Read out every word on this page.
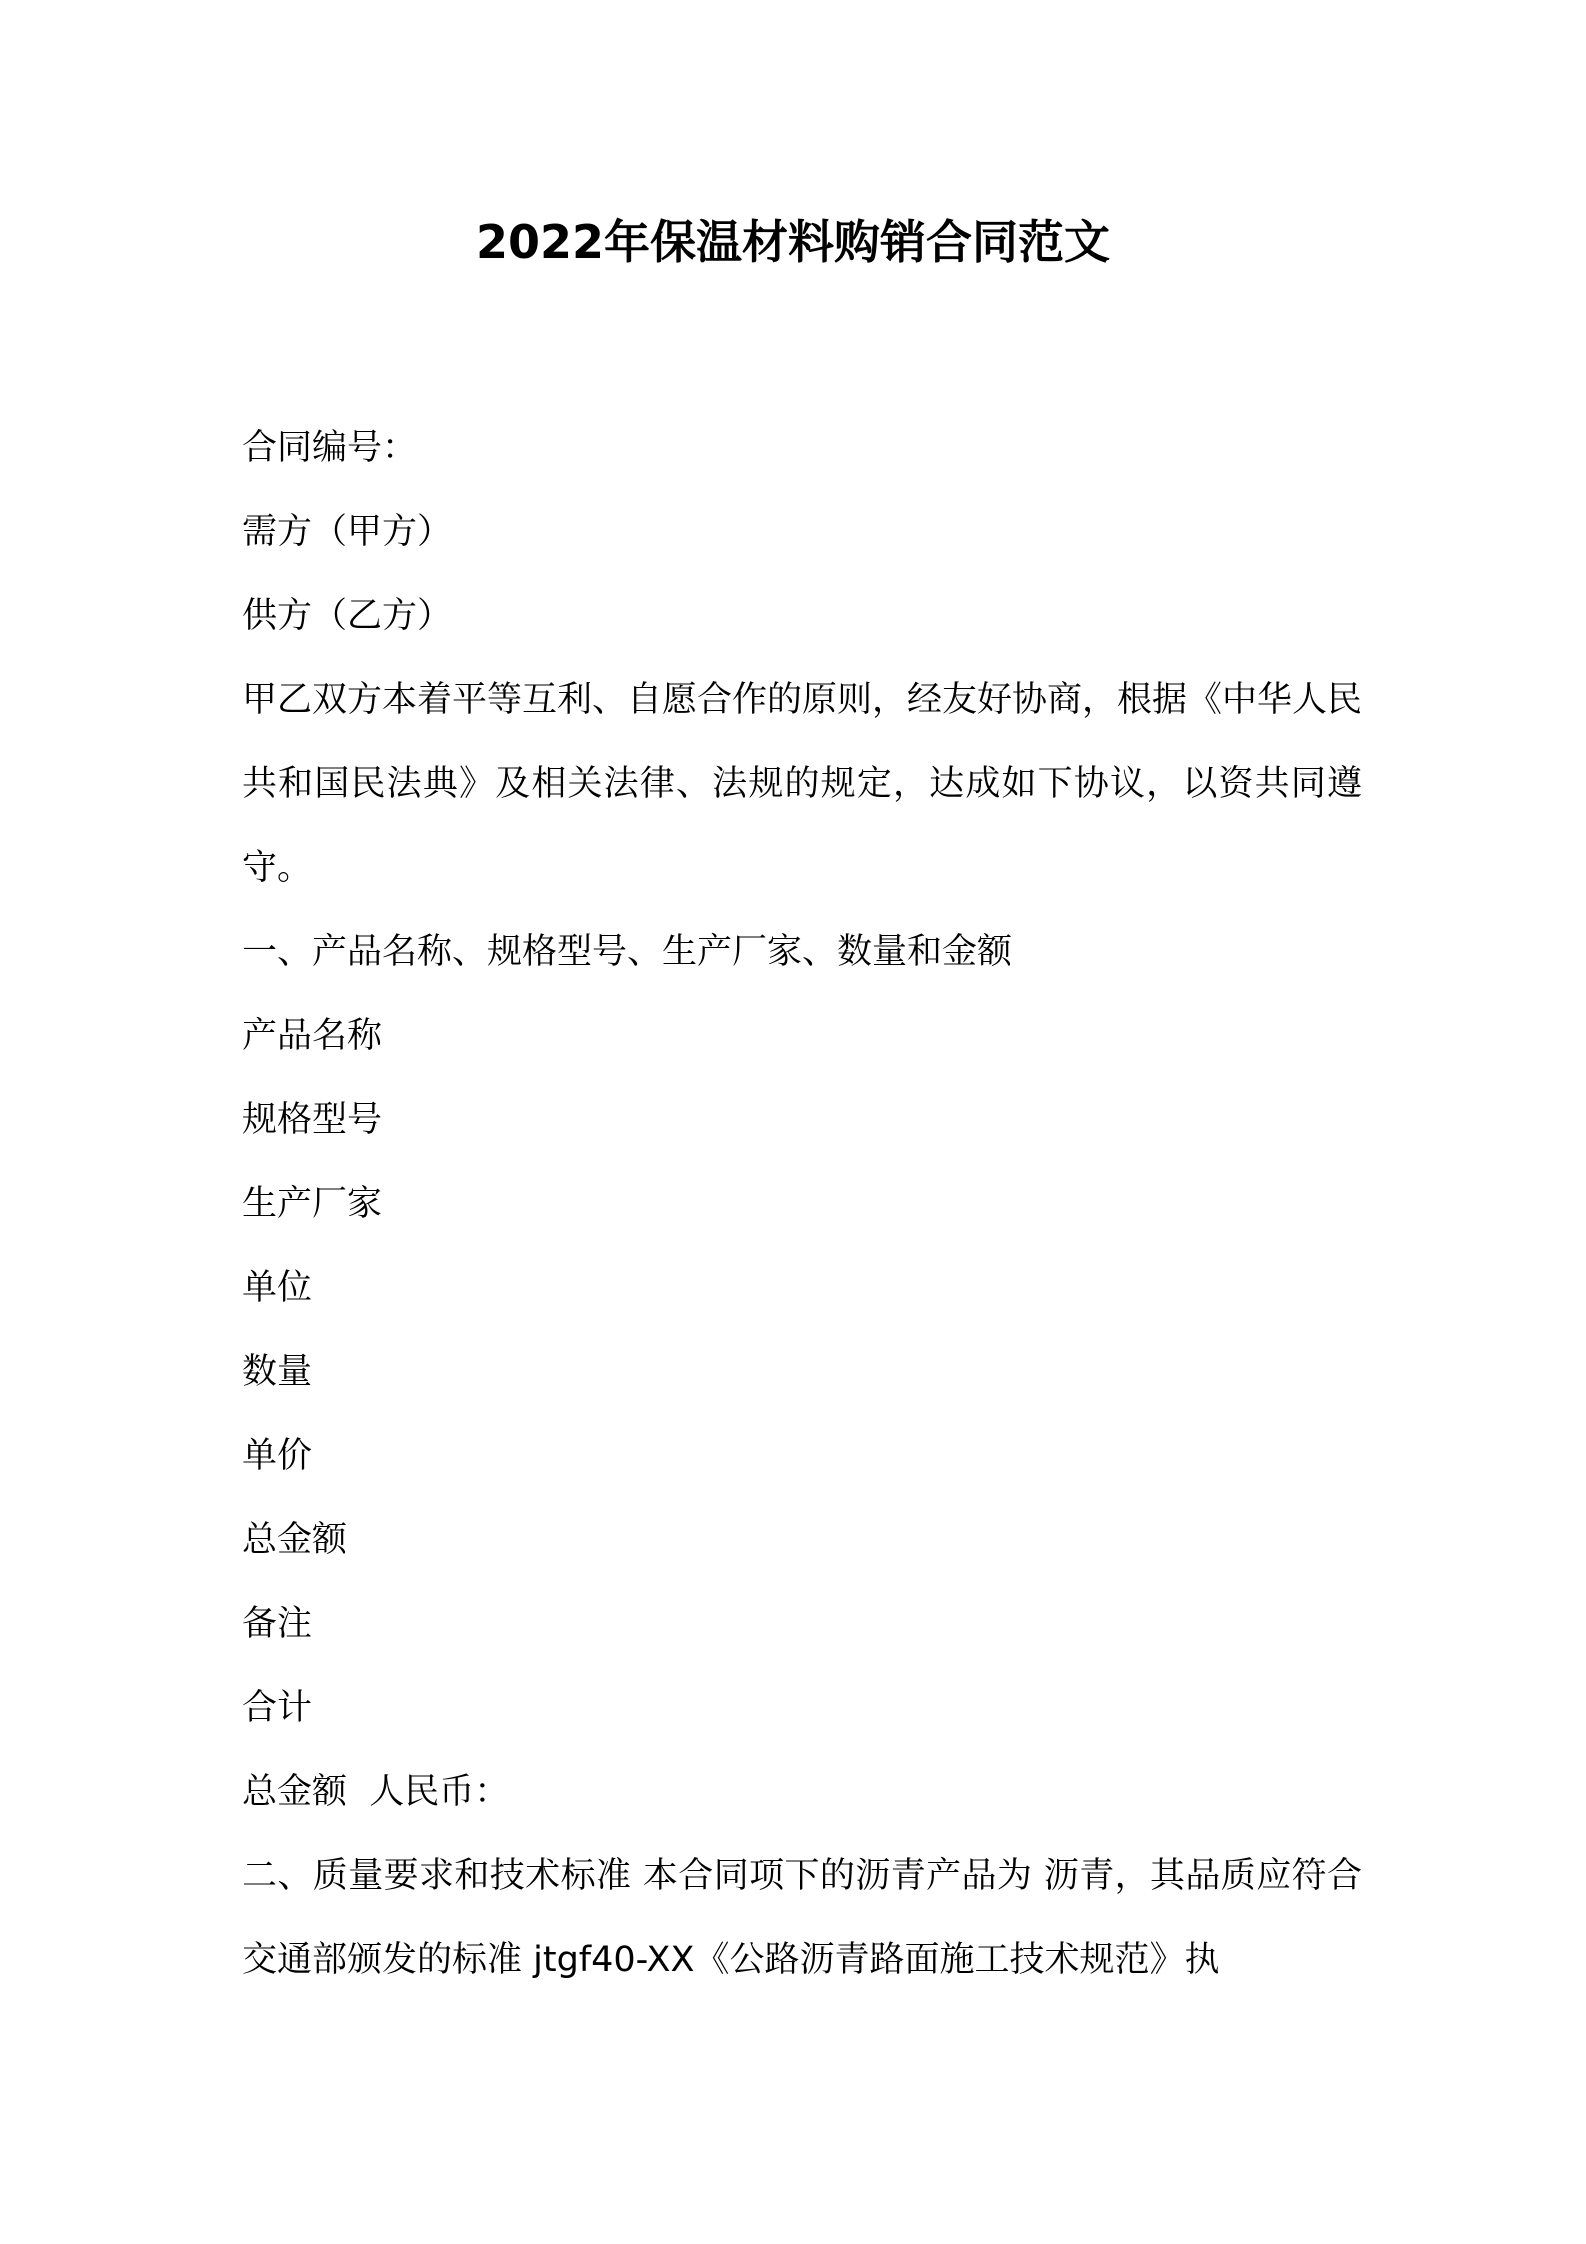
2022年保温材料购销合同范文
合同编号：
需方（甲方）
供方（乙方）
甲乙双方本着平等互利、自愿合作的原则，经友好协商，根据《中华人民共和国民法典》及相关法律、法规的规定，达成如下协议，以资共同遵守。
一、产品名称、规格型号、生产厂家、数量和金额
产品名称
规格型号
生产厂家
单位
数量
单价
总金额
备注
合计
总金额  人民币：
二、质量要求和技术标准 本合同项下的沥青产品为 沥青，其品质应符合交通部颁发的标准 jtgf40-XX《公路沥青路面施工技术规范》执
